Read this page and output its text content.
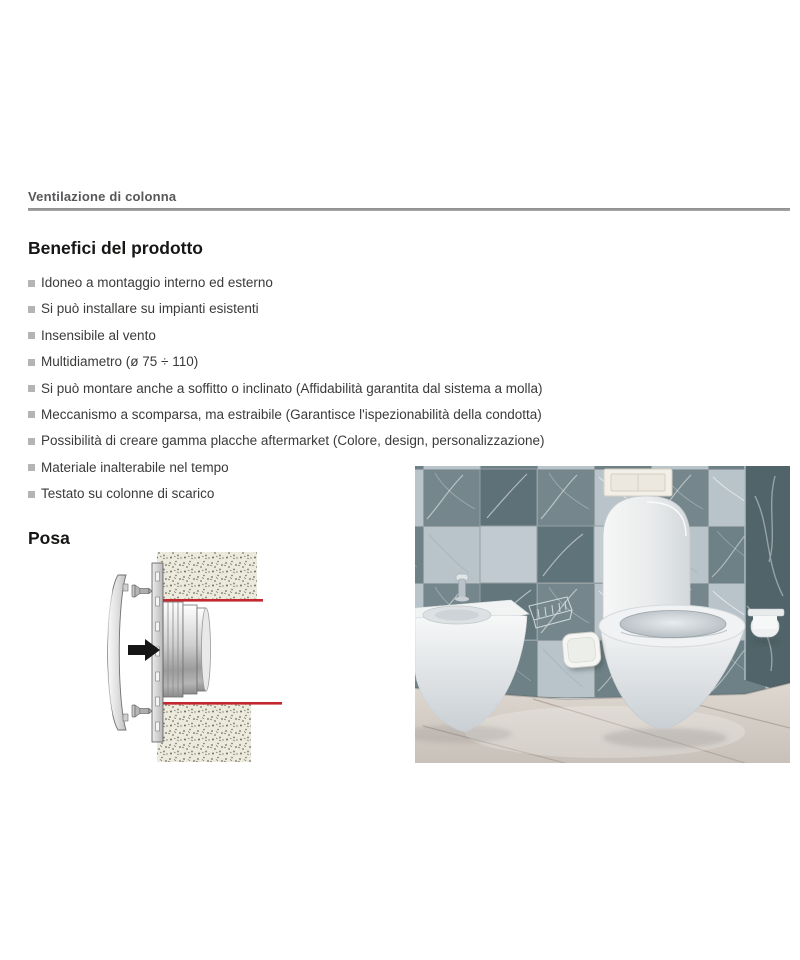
Ventilazione di colonna
Benefici del prodotto
Idoneo a montaggio interno ed esterno
Si può installare su impianti esistenti
Insensibile al vento
Multidiametro (ø 75 ÷ 110)
Si può montare anche a soffitto o inclinato (Affidabilità garantita dal sistema a molla)
Meccanismo a scomparsa, ma estraibile (Garantisce l'ispezionabilità della condotta)
Possibilità di creare gamma placche aftermarket (Colore, design, personalizzazione)
Materiale inalterabile nel tempo
Testato su colonne di scarico
Posa
